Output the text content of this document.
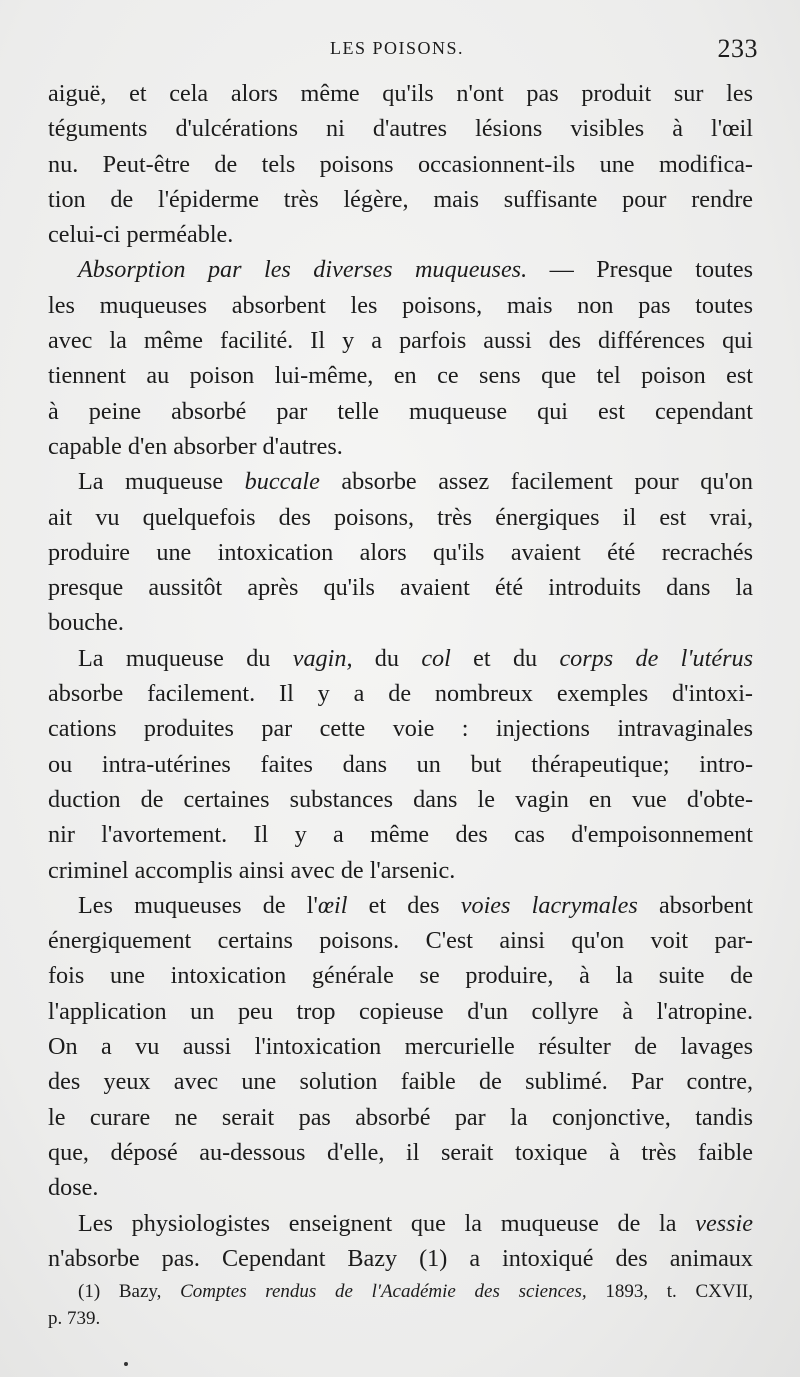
LES POISONS.	233

aiguë, et cela alors même qu'ils n'ont pas produit sur les
téguments d'ulcérations ni d'autres lésions visibles à l'œil
nu. Peut-être de tels poisons occasionnent-ils une modifica-
tion de l'épiderme très légère, mais suffisante pour rendre
celui-ci perméable.

Absorption par les diverses muqueuses. — Presque toutes
les muqueuses absorbent les poisons, mais non pas toutes
avec la même facilité. Il y a parfois aussi des différences qui
tiennent au poison lui-même, en ce sens que tel poison est
à peine absorbé par telle muqueuse qui est cependant
capable d'en absorber d'autres.

La muqueuse buccale absorbe assez facilement pour qu'on
ait vu quelquefois des poisons, très énergiques il est vrai,
produire une intoxication alors qu'ils avaient été recrachés
presque aussitôt après qu'ils avaient été introduits dans la
bouche.

La muqueuse du vagin, du col et du corps de l'utérus
absorbe facilement. Il y a de nombreux exemples d'intoxi-
cations produites par cette voie : injections intravaginales
ou intra-utérines faites dans un but thérapeutique; intro-
duction de certaines substances dans le vagin en vue d'obte-
nir l'avortement. Il y a même des cas d'empoisonnement
criminel accomplis ainsi avec de l'arsenic.

Les muqueuses de l'œil et des voies lacrymales absorbent
énergiquement certains poisons. C'est ainsi qu'on voit par-
fois une intoxication générale se produire, à la suite de
l'application un peu trop copieuse d'un collyre à l'atropine.
On a vu aussi l'intoxication mercurielle résulter de lavages
des yeux avec une solution faible de sublimé. Par contre,
le curare ne serait pas absorbé par la conjonctive, tandis
que, déposé au-dessous d'elle, il serait toxique à très faible
dose.

Les physiologistes enseignent que la muqueuse de la vessie
n'absorbe pas. Cependant Bazy (1) a intoxiqué des animaux

(1) Bazy, Comptes rendus de l'Académie des sciences, 1893, t. CXVII,
p. 739.
